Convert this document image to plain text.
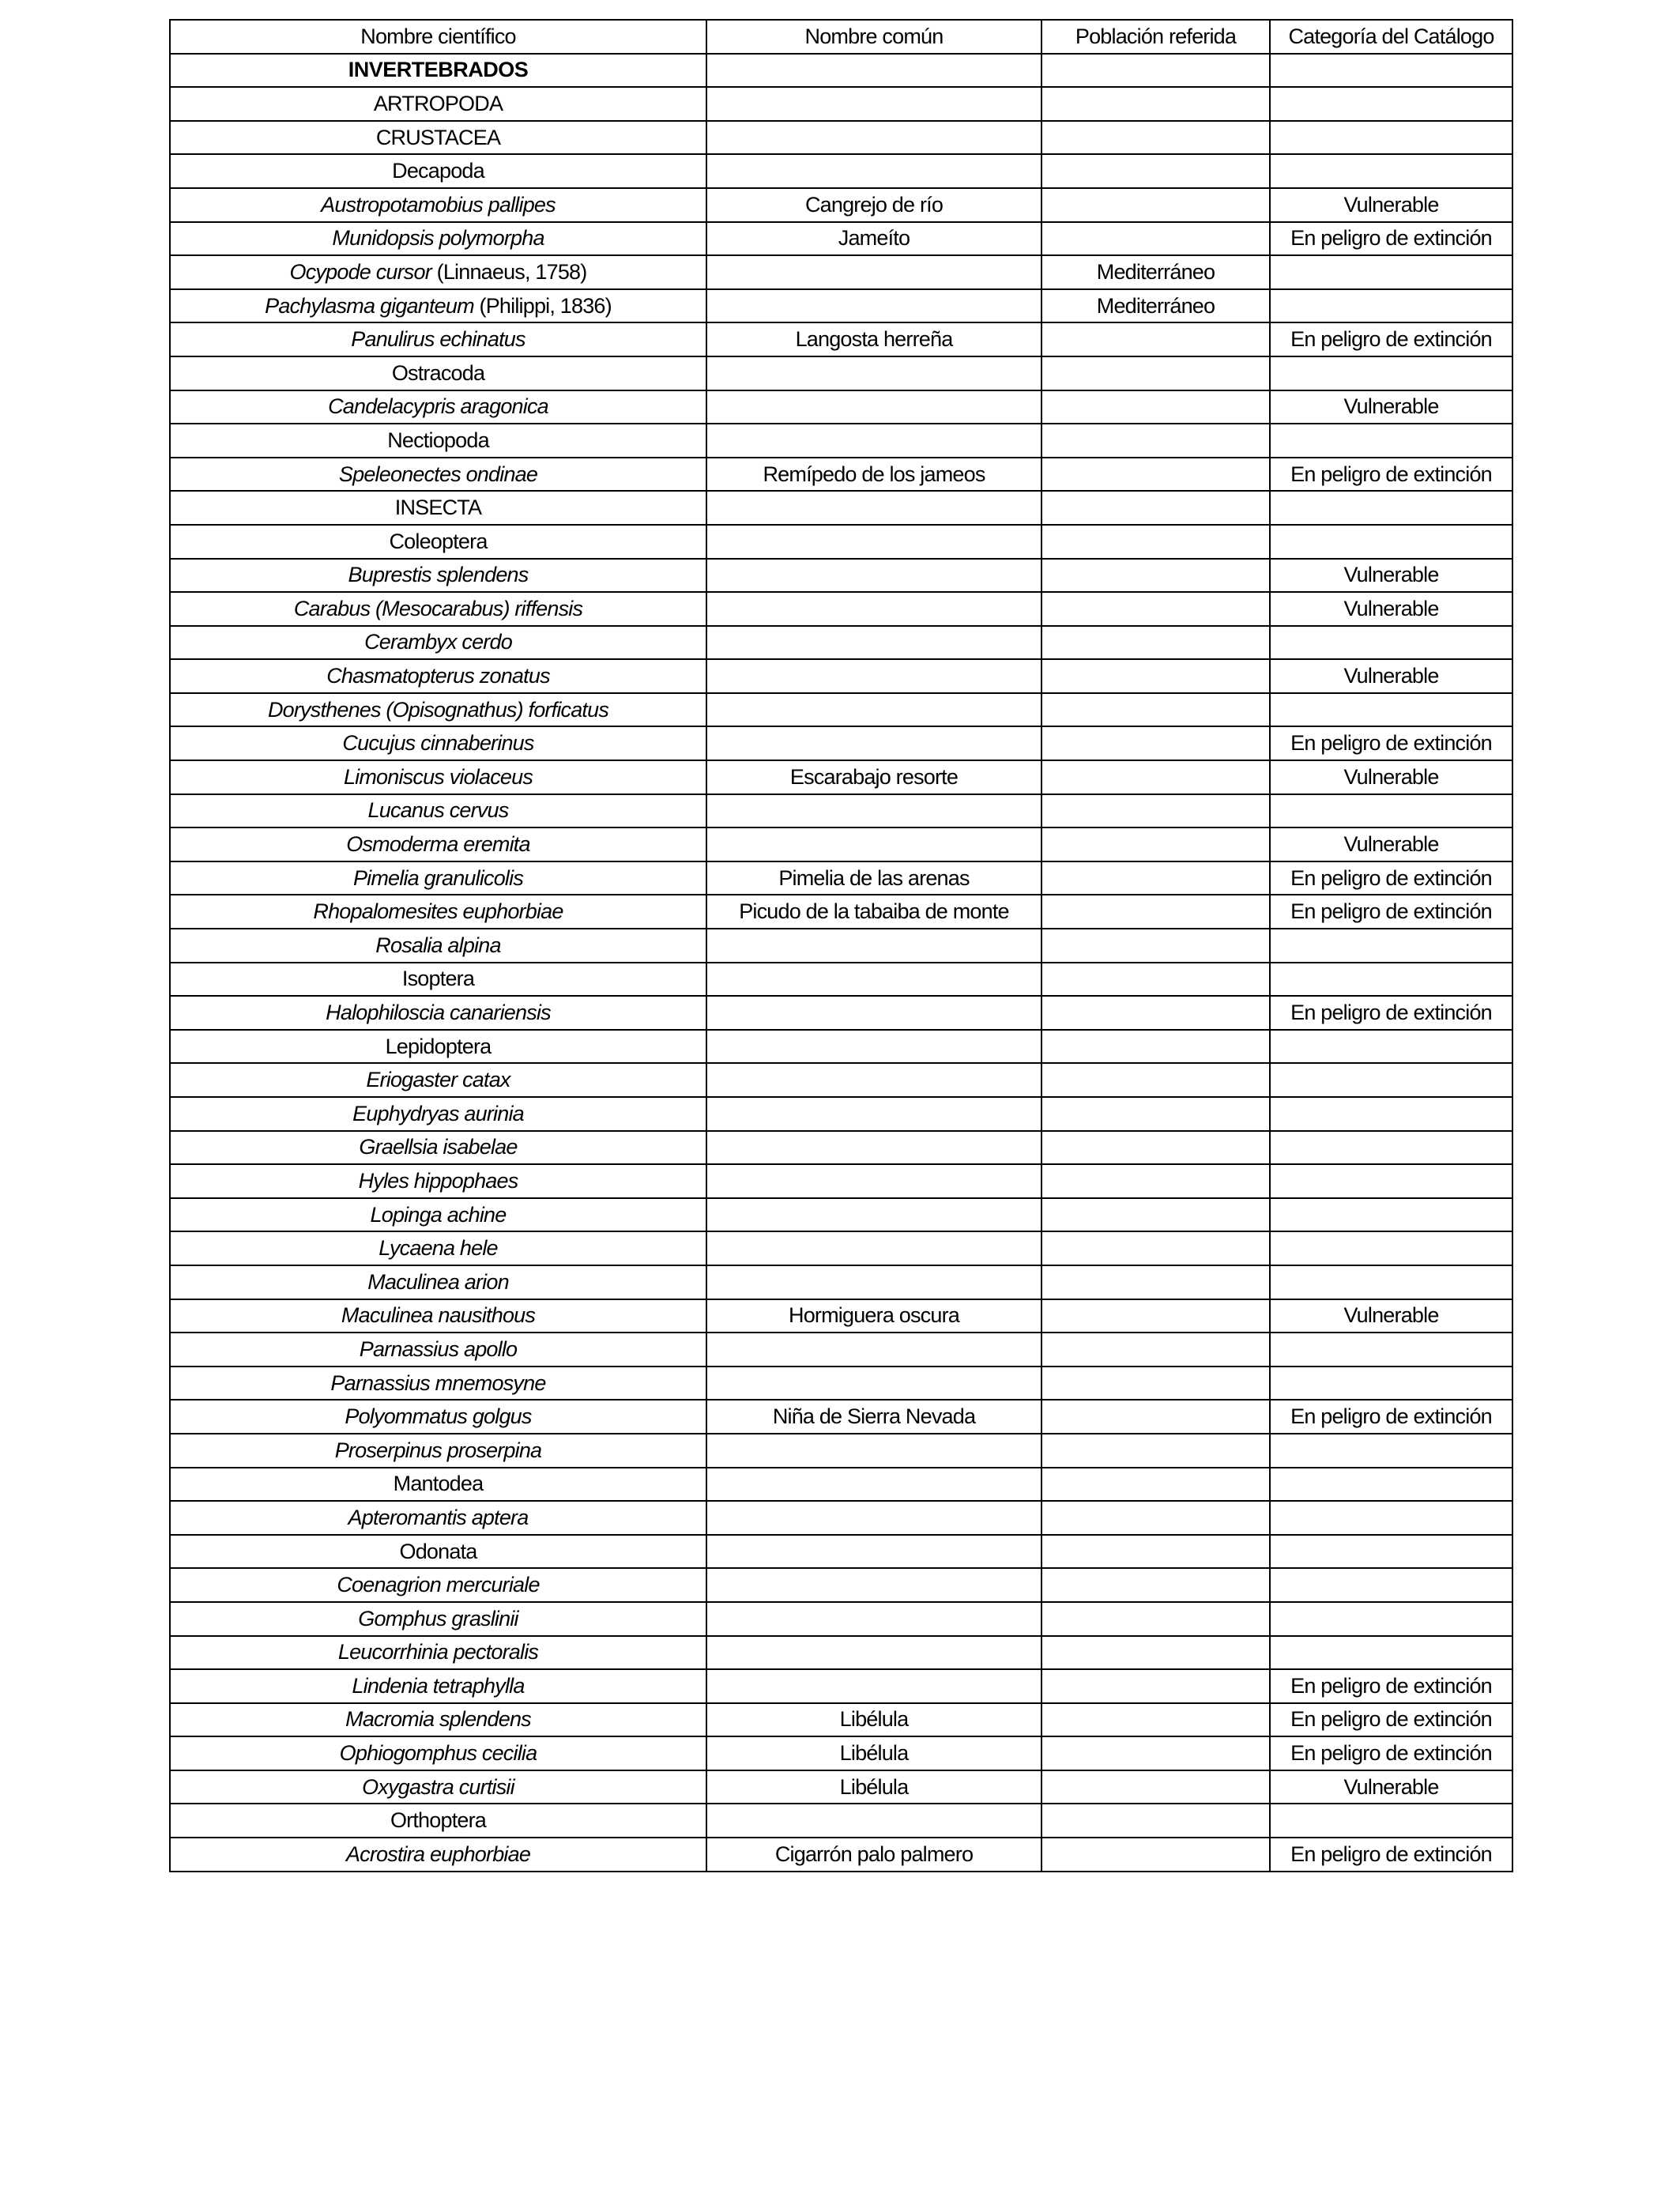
Nombre científico	Nombre común	Población referida	Categoría del Catálogo
INVERTEBRADOS			
ARTROPODA			
CRUSTACEA			
Decapoda			
Austropotamobius pallipes	Cangrejo de río		Vulnerable
Munidopsis polymorpha	Jameíto		En peligro de extinción
Ocypode cursor (Linnaeus, 1758)		Mediterráneo	
Pachylasma giganteum (Philippi, 1836)		Mediterráneo	
Panulirus echinatus	Langosta herreña		En peligro de extinción
Ostracoda			
Candelacypris aragonica			Vulnerable
Nectiopoda			
Speleonectes ondinae	Remípedo de los jameos		En peligro de extinción
INSECTA			
Coleoptera			
Buprestis splendens			Vulnerable
Carabus (Mesocarabus) riffensis			Vulnerable
Cerambyx cerdo			
Chasmatopterus zonatus			Vulnerable
Dorysthenes (Opisognathus) forficatus			
Cucujus cinnaberinus			En peligro de extinción
Limoniscus violaceus	Escarabajo resorte		Vulnerable
Lucanus cervus			
Osmoderma eremita			Vulnerable
Pimelia granulicolis	Pimelia de las arenas		En peligro de extinción
Rhopalomesites euphorbiae	Picudo de la tabaiba de monte		En peligro de extinción
Rosalia alpina			
Isoptera			
Halophiloscia canariensis			En peligro de extinción
Lepidoptera			
Eriogaster catax			
Euphydryas aurinia			
Graellsia isabelae			
Hyles hippophaes			
Lopinga achine			
Lycaena hele			
Maculinea arion			
Maculinea nausithous	Hormiguera oscura		Vulnerable
Parnassius apollo			
Parnassius mnemosyne			
Polyommatus golgus	Niña de Sierra Nevada		En peligro de extinción
Proserpinus proserpina			
Mantodea			
Apteromantis aptera			
Odonata			
Coenagrion mercuriale			
Gomphus graslinii			
Leucorrhinia pectoralis			
Lindenia tetraphylla			En peligro de extinción
Macromia splendens	Libélula		En peligro de extinción
Ophiogomphus cecilia	Libélula		En peligro de extinción
Oxygastra curtisii	Libélula		Vulnerable
Orthoptera			
Acrostira euphorbiae	Cigarrón palo palmero		En peligro de extinción
